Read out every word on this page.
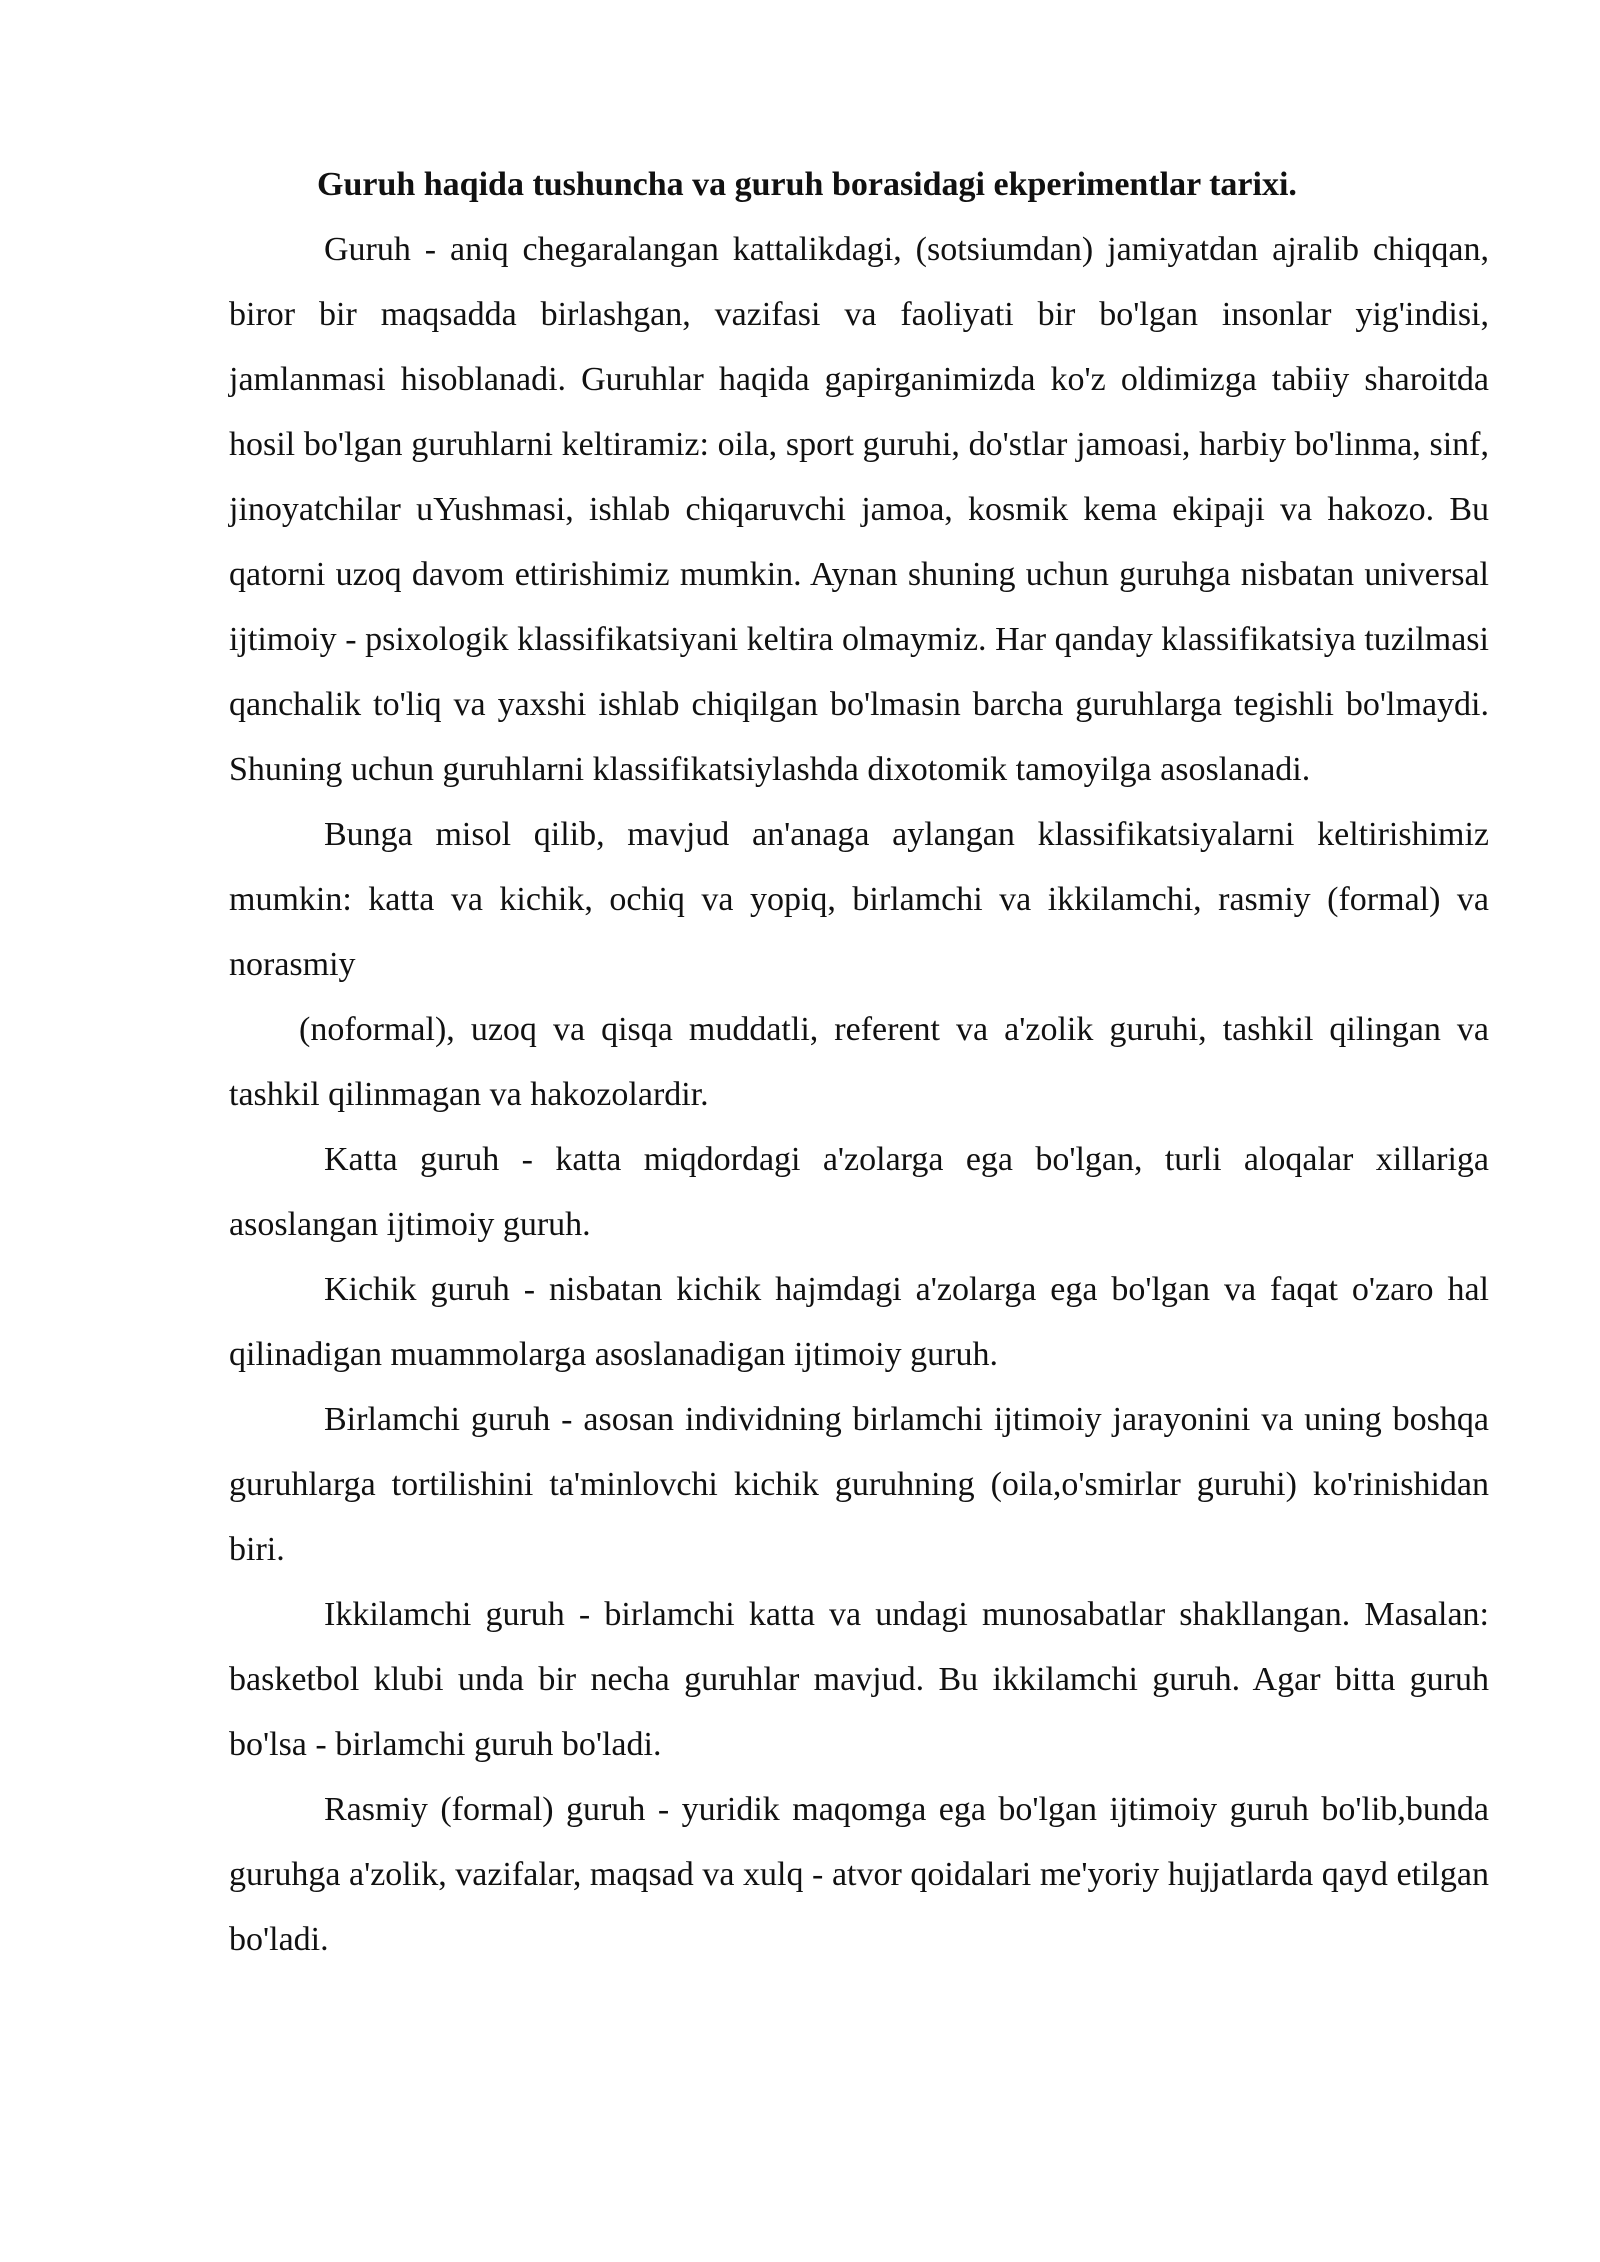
Guruh haqida tushuncha va guruh borasidagi ekperimentlar tarixi.

Guruh - aniq chegaralangan kattalikdagi, (sotsiumdan) jamiyatdan ajralib chiqqan, biror bir maqsadda birlashgan, vazifasi va faoliyati bir bo'lgan insonlar yig'indisi, jamlanmasi hisoblanadi. Guruhlar haqida gapirganimizda ko'z oldimizga tabiiy sharoitda hosil bo'lgan guruhlarni keltiramiz: oila, sport guruhi, do'stlar jamoasi, harbiy bo'linma, sinf, jinoyatchilar uYushmasi, ishlab chiqaruvchi jamoa, kosmik kema ekipaji va hakozo. Bu qatorni uzoq davom ettirishimiz mumkin. Aynan shuning uchun guruhga nisbatan universal ijtimoiy - psixologik klassifikatsiyani keltira olmaymiz. Har qanday klassifikatsiya tuzilmasi qanchalik to'liq va yaxshi ishlab chiqilgan bo'lmasin barcha guruhlarga tegishli bo'lmaydi. Shuning uchun guruhlarni klassifikatsiylashda dixotomik tamoyilga asoslanadi.

Bunga misol qilib, mavjud an'anaga aylangan klassifikatsiyalarni keltirishimiz mumkin: katta va kichik, ochiq va yopiq, birlamchi va ikkilamchi, rasmiy (formal) va norasmiy

(noformal), uzoq va qisqa muddatli, referent va a'zolik guruhi, tashkil qilingan va tashkil qilinmagan va hakozolardir.

Katta guruh - katta miqdordagi a'zolarga ega bo'lgan, turli aloqalar xillariga asoslangan ijtimoiy guruh.

Kichik guruh - nisbatan kichik hajmdagi a'zolarga ega bo'lgan va faqat o'zaro hal qilinadigan muammolarga asoslanadigan ijtimoiy guruh.

Birlamchi guruh - asosan individning birlamchi ijtimoiy jarayonini va uning boshqa guruhlarga tortilishini ta'minlovchi kichik guruhning (oila,o'smirlar guruhi) ko'rinishidan biri.

Ikkilamchi guruh - birlamchi katta va undagi munosabatlar shakllangan. Masalan: basketbol klubi unda bir necha guruhlar mavjud. Bu ikkilamchi guruh. Agar bitta guruh bo'lsa - birlamchi guruh bo'ladi.

Rasmiy (formal) guruh - yuridik maqomga ega bo'lgan ijtimoiy guruh bo'lib,bunda guruhga a'zolik, vazifalar, maqsad va xulq - atvor qoidalari me'yoriy hujjatlarda qayd etilgan bo'ladi.
